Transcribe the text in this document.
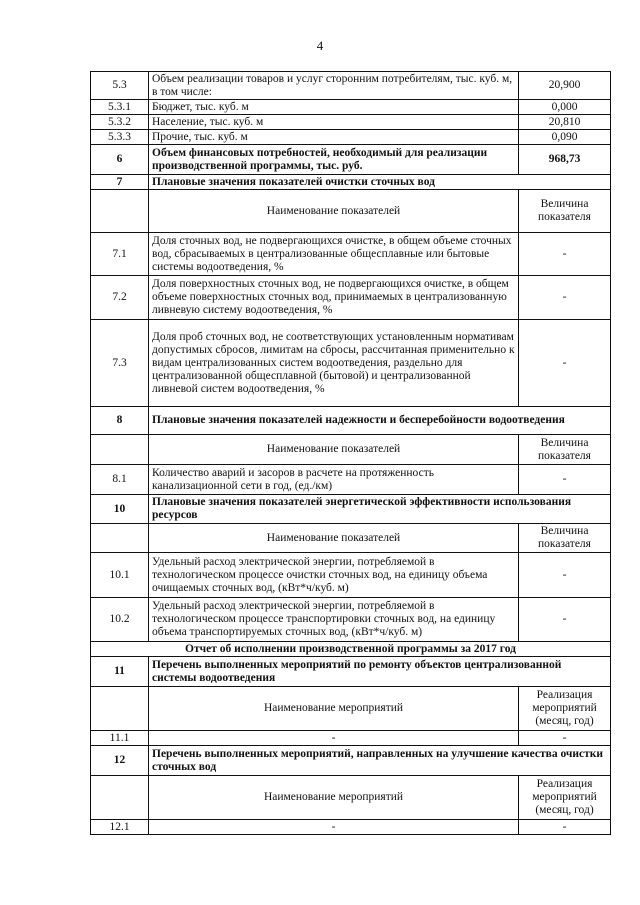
4
5.3	Объем реализации товаров и услуг сторонним потребителям, тыс. куб. м, в том числе:	20,900
5.3.1	Бюджет, тыс. куб. м	0,000
5.3.2	Население, тыс. куб. м	20,810
5.3.3	Прочие, тыс. куб. м	0,090
6	Объем финансовых потребностей, необходимый для реализации производственной программы, тыс. руб.	968,73
7	Плановые значения показателей очистки сточных вод	
	Наименование показателей	Величина показателя
7.1	Доля сточных вод, не подвергающихся очистке, в общем объеме сточных вод, сбрасываемых в централизованные общесплавные или бытовые системы водоотведения, %	-
7.2	Доля поверхностных сточных вод, не подвергающихся очистке, в общем объеме поверхностных сточных вод, принимаемых в централизованную ливневую систему водоотведения, %	-
7.3	Доля проб сточных вод, не соответствующих установленным нормативам допустимых сбросов, лимитам на сбросы, рассчитанная применительно к видам централизованных систем водоотведения, раздельно для централизованной общесплавной (бытовой) и централизованной ливневой систем водоотведения, %	-
8	Плановые значения показателей надежности и бесперебойности водоотведения	
	Наименование показателей	Величина показателя
8.1	Количество аварий и засоров в расчете на протяженность канализационной сети в год, (ед./км)	-
10	Плановые значения показателей энергетической эффективности использования ресурсов	
	Наименование показателей	Величина показателя
10.1	Удельный расход электрической энергии, потребляемой в технологическом процессе очистки сточных вод, на единицу объема очищаемых сточных вод, (кВт*ч/куб. м)	-
10.2	Удельный расход электрической энергии, потребляемой в технологическом процессе транспортировки сточных вод, на единицу объема транспортируемых сточных вод, (кВт*ч/куб. м)	-
Отчет об исполнении производственной программы за 2017 год		
11	Перечень выполненных мероприятий по ремонту объектов централизованной системы водоотведения	
	Наименование мероприятий	Реализация мероприятий (месяц, год)
11.1	-	-
12	Перечень выполненных мероприятий, направленных на улучшение качества очистки сточных вод	
	Наименование мероприятий	Реализация мероприятий (месяц, год)
12.1	-	-
